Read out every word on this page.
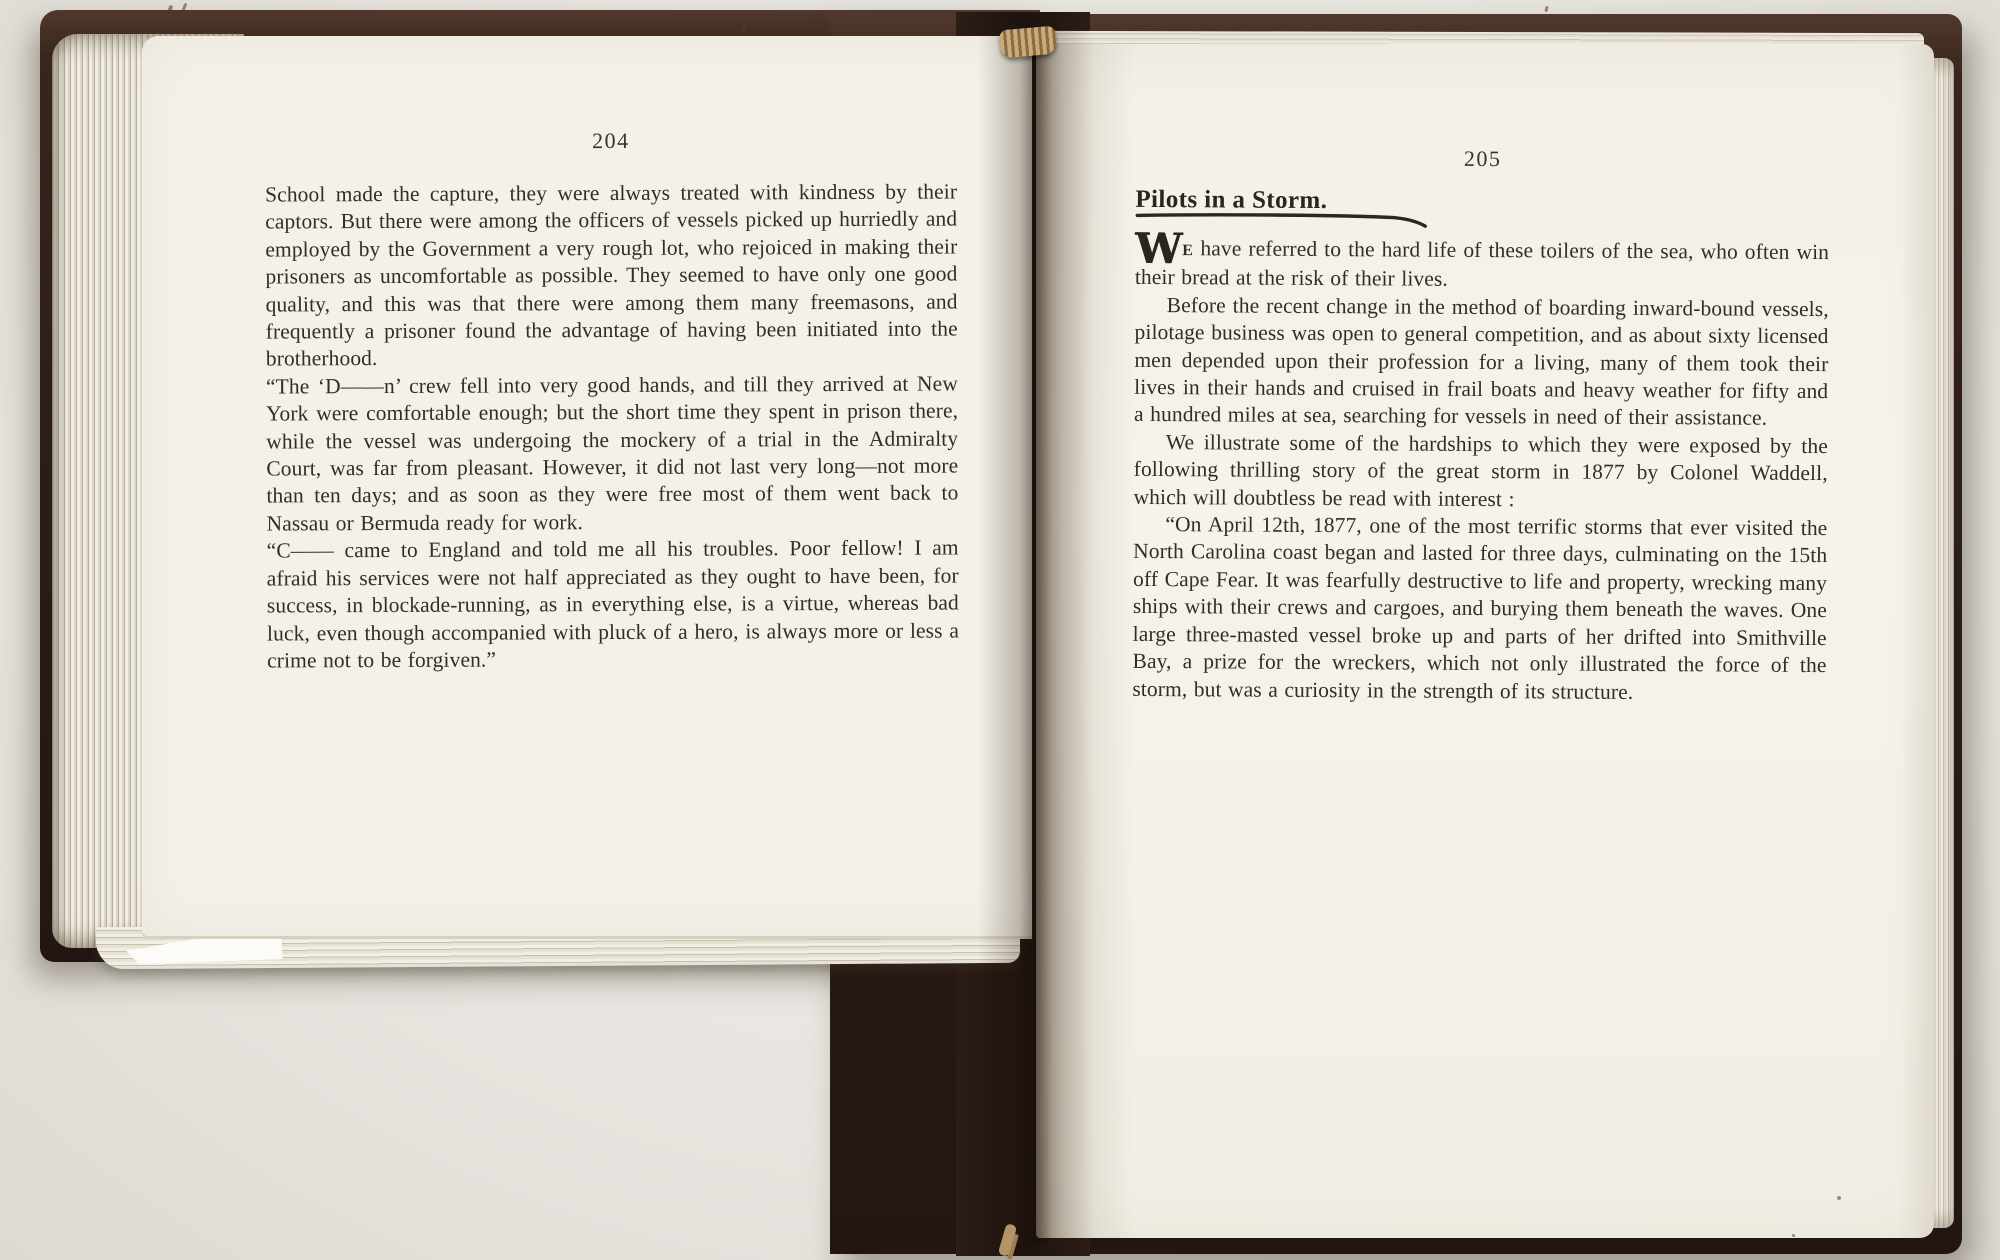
204

School made the capture, they were always treated with kindness by their captors. But there were among the officers of vessels picked up hurriedly and employed by the Government a very rough lot, who rejoiced in making their prisoners as uncomfortable as possible. They seemed to have only one good quality, and this was that there were among them many freemasons, and frequently a prisoner found the advantage of having been initiated into the brotherhood.

“The ‘D——n’ crew fell into very good hands, and till they arrived at New York were comfortable enough; but the short time they spent in prison there, while the vessel was undergoing the mockery of a trial in the Admiralty Court, was far from pleasant. However, it did not last very long—not more than ten days; and as soon as they were free most of them went back to Nassau or Bermuda ready for work.

“C—— came to England and told me all his troubles. Poor fellow! I am afraid his services were not half appreciated as they ought to have been, for success, in blockade-running, as in everything else, is a virtue, whereas bad luck, even though accompanied with pluck of a hero, is always more or less a crime not to be forgiven.”

205
Pilots in a Storm.

W E have referred to the hard life of these toilers of the sea, who often win their bread at the risk of their lives.

Before the recent change in the method of boarding inward-bound vessels, pilotage business was open to general competition, and as about sixty licensed men depended upon their profession for a living, many of them took their lives in their hands and cruised in frail boats and heavy weather for fifty and a hundred miles at sea, searching for vessels in need of their assistance.

We illustrate some of the hardships to which they were exposed by the following thrilling story of the great storm in 1877 by Colonel Waddell, which will doubtless be read with interest :

“On April 12th, 1877, one of the most terrific storms that ever visited the North Carolina coast began and lasted for three days, culminating on the 15th off Cape Fear. It was fearfully destructive to life and property, wrecking many ships with their crews and cargoes, and burying them beneath the waves. One large three-masted vessel broke up and parts of her drifted into Smithville Bay, a prize for the wreckers, which not only illustrated the force of the storm, but was a curiosity in the strength of its structure.
